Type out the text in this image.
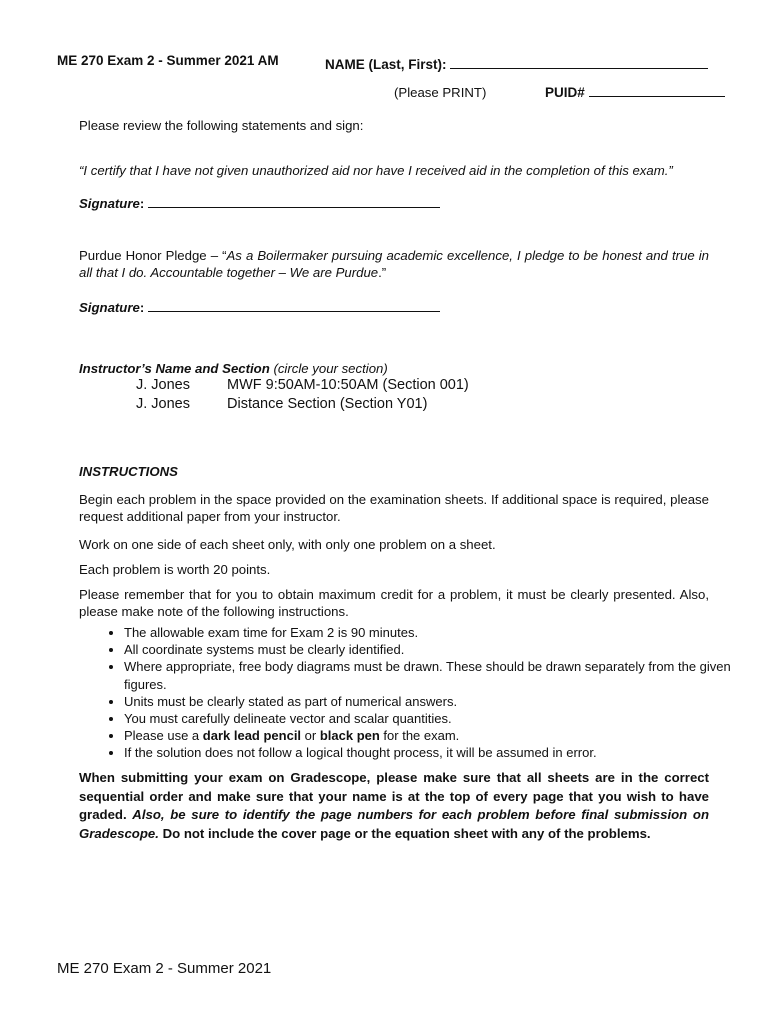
ME 270 Exam 2 - Summer 2021 AM	NAME (Last, First):
(Please PRINT)	PUID#
Please review the following statements and sign:
“I certify that I have not given unauthorized aid nor have I received aid in the completion of this exam.”
Signature:
Purdue Honor Pledge – “As a Boilermaker pursuing academic excellence, I pledge to be honest and true in all that I do. Accountable together – We are Purdue.”
Signature:
Instructor’s Name and Section (circle your section)
J. Jones	MWF 9:50AM-10:50AM (Section 001)
J. Jones	Distance Section (Section Y01)
INSTRUCTIONS
Begin each problem in the space provided on the examination sheets. If additional space is required, please request additional paper from your instructor.
Work on one side of each sheet only, with only one problem on a sheet.
Each problem is worth 20 points.
Please remember that for you to obtain maximum credit for a problem, it must be clearly presented. Also, please make note of the following instructions.
• The allowable exam time for Exam 2 is 90 minutes.
• All coordinate systems must be clearly identified.
• Where appropriate, free body diagrams must be drawn. These should be drawn separately from the given figures.
• Units must be clearly stated as part of numerical answers.
• You must carefully delineate vector and scalar quantities.
• Please use a dark lead pencil or black pen for the exam.
• If the solution does not follow a logical thought process, it will be assumed in error.
When submitting your exam on Gradescope, please make sure that all sheets are in the correct sequential order and make sure that your name is at the top of every page that you wish to have graded. Also, be sure to identify the page numbers for each problem before final submission on Gradescope. Do not include the cover page or the equation sheet with any of the problems.
ME 270 Exam 2 - Summer 2021
